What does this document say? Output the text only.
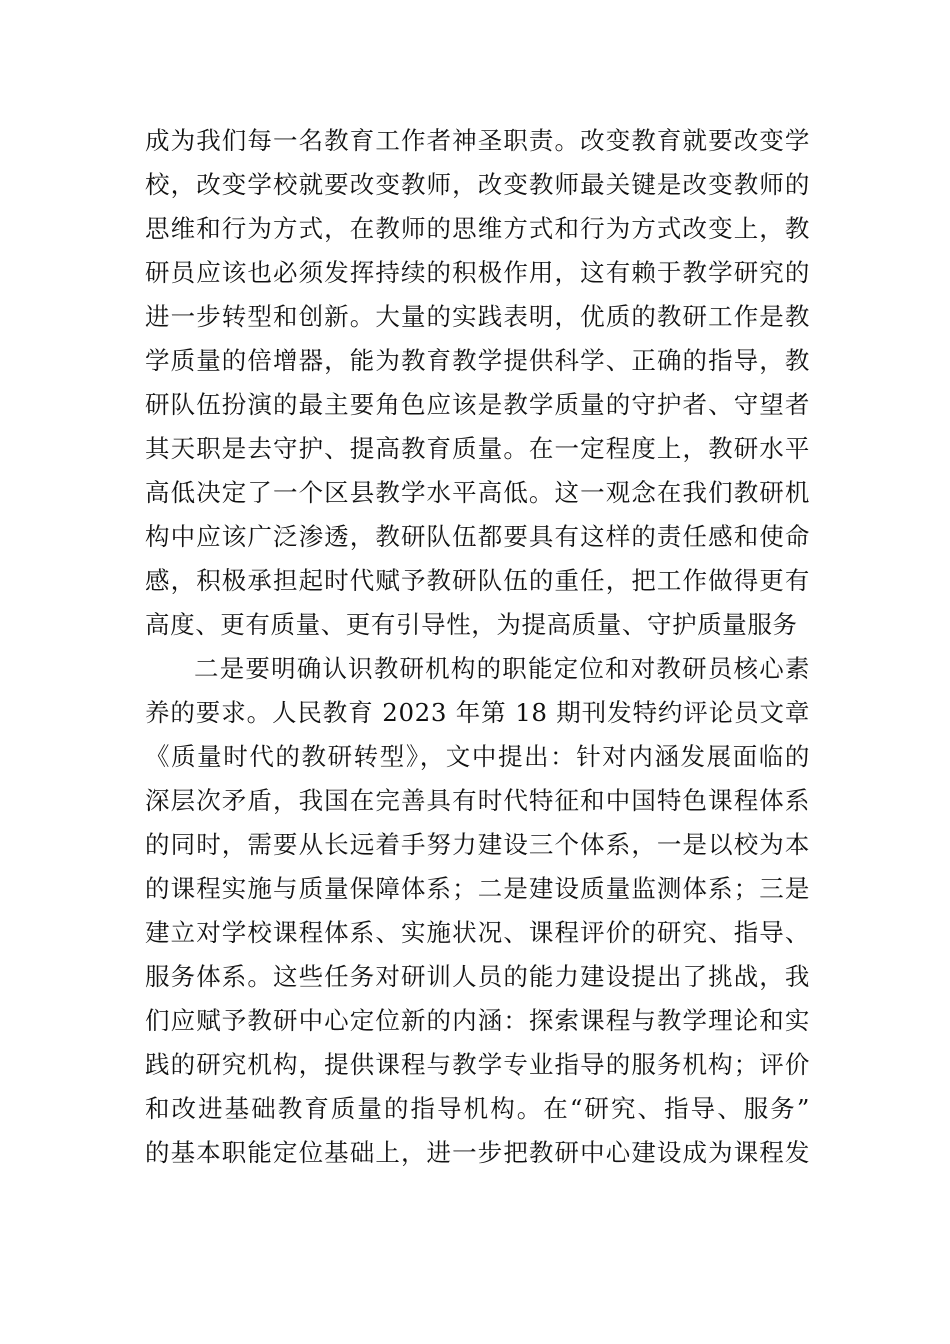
成为我们每一名教育工作者神圣职责。改变教育就要改变学
校，改变学校就要改变教师，改变教师最关键是改变教师的
思维和行为方式，在教师的思维方式和行为方式改变上，教
研员应该也必须发挥持续的积极作用，这有赖于教学研究的
进一步转型和创新。大量的实践表明，优质的教研工作是教
学质量的倍增器，能为教育教学提供科学、正确的指导，教
研队伍扮演的最主要角色应该是教学质量的守护者、守望者
其天职是去守护、提高教育质量。在一定程度上，教研水平
高低决定了一个区县教学水平高低。这一观念在我们教研机
构中应该广泛渗透，教研队伍都要具有这样的责任感和使命
感，积极承担起时代赋予教研队伍的重任，把工作做得更有
高度、更有质量、更有引导性，为提高质量、守护质量服务
二是要明确认识教研机构的职能定位和对教研员核心素
养的要求。人民教育 2023 年第 18 期刊发特约评论员文章
《质量时代的教研转型》，文中提出：针对内涵发展面临的
深层次矛盾，我国在完善具有时代特征和中国特色课程体系
的同时，需要从长远着手努力建设三个体系，一是以校为本
的课程实施与质量保障体系；二是建设质量监测体系；三是
建立对学校课程体系、实施状况、课程评价的研究、指导、
服务体系。这些任务对研训人员的能力建设提出了挑战，我
们应赋予教研中心定位新的内涵：探索课程与教学理论和实
践的研究机构，提供课程与教学专业指导的服务机构；评价
和改进基础教育质量的指导机构。在“研究、指导、服务”
的基本职能定位基础上，进一步把教研中心建设成为课程发
